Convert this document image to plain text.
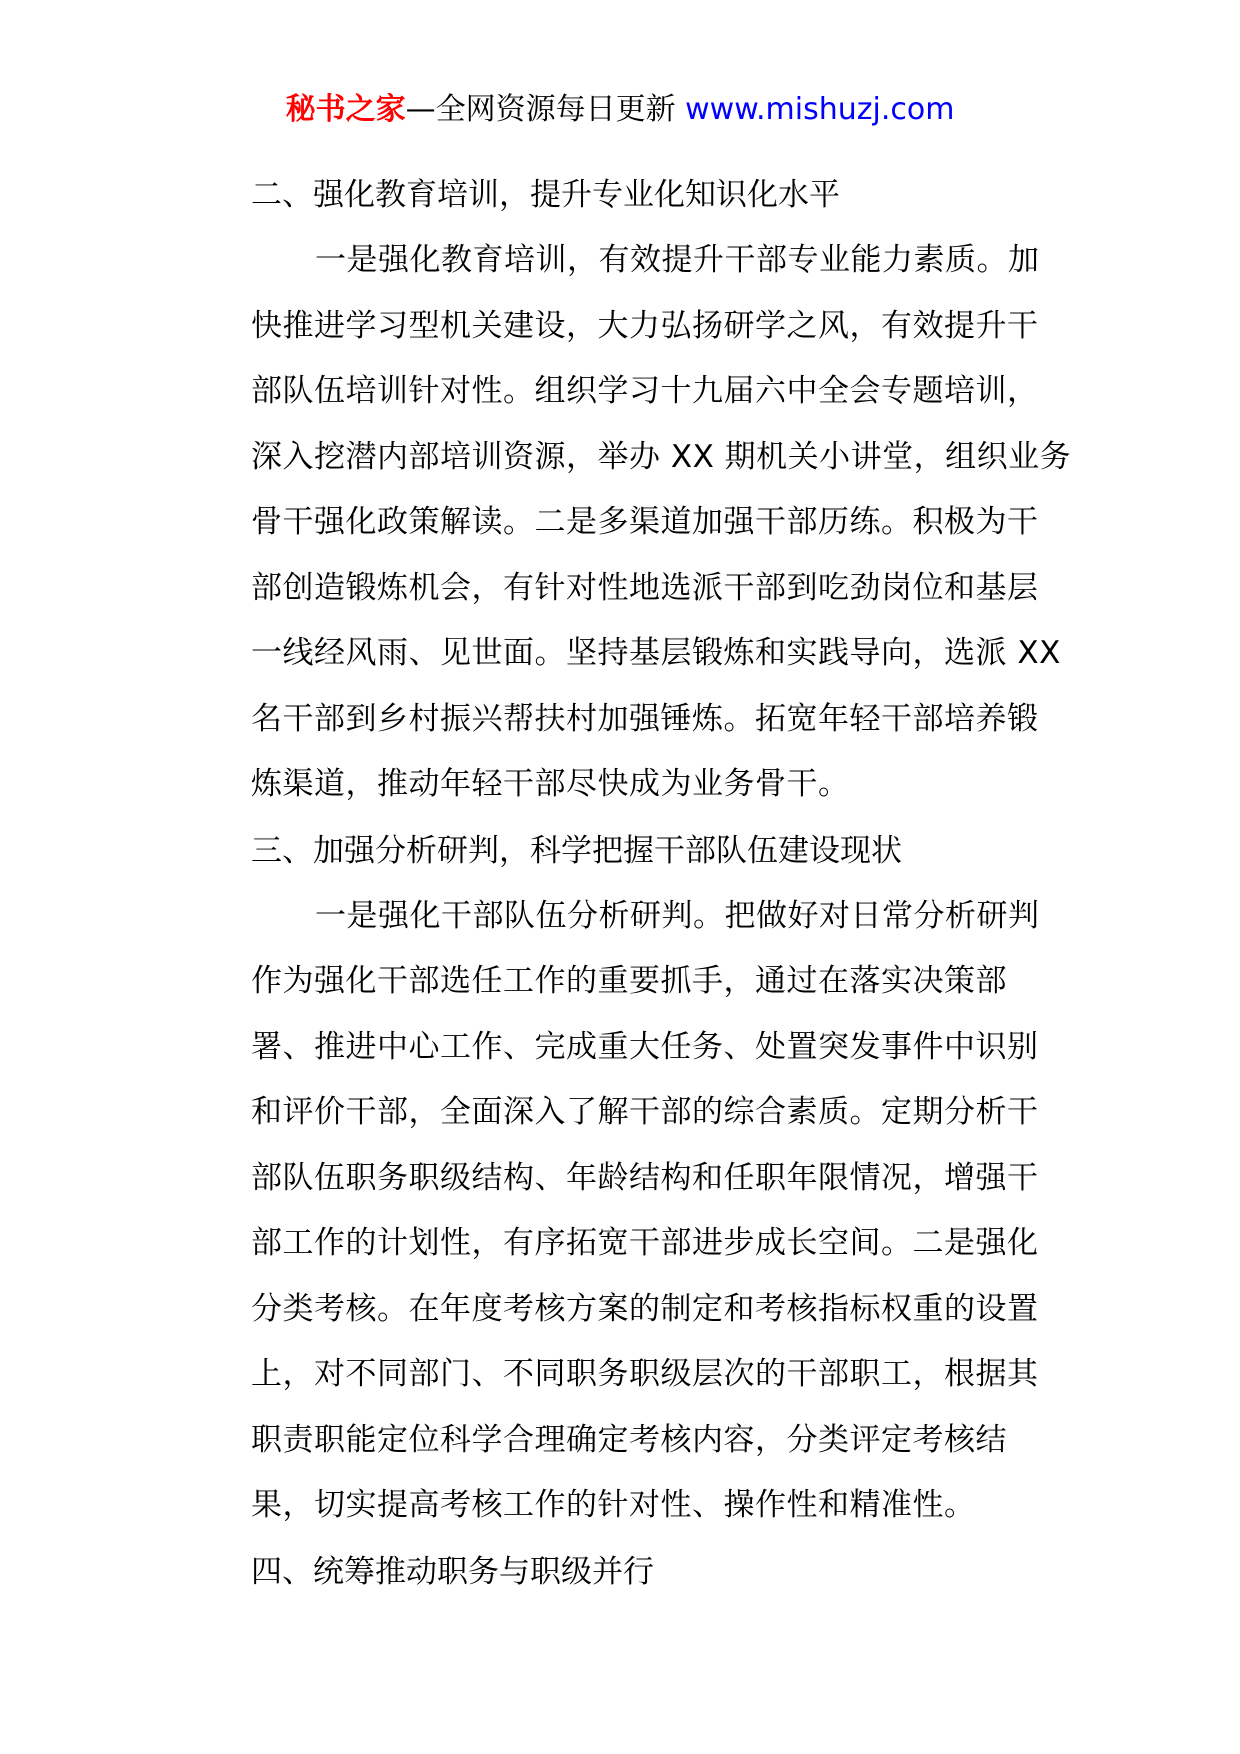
秘书之家—全网资源每日更新 www.mishuzj.com
二、强化教育培训，提升专业化知识化水平
一是强化教育培训，有效提升干部专业能力素质。加
快推进学习型机关建设，大力弘扬研学之风，有效提升干
部队伍培训针对性。组织学习十九届六中全会专题培训，
深入挖潜内部培训资源，举办 XX 期机关小讲堂，组织业务
骨干强化政策解读。二是多渠道加强干部历练。积极为干
部创造锻炼机会，有针对性地选派干部到吃劲岗位和基层
一线经风雨、见世面。坚持基层锻炼和实践导向，选派 XX
名干部到乡村振兴帮扶村加强锤炼。拓宽年轻干部培养锻
炼渠道，推动年轻干部尽快成为业务骨干。
三、加强分析研判，科学把握干部队伍建设现状
一是强化干部队伍分析研判。把做好对日常分析研判
作为强化干部选任工作的重要抓手，通过在落实决策部
署、推进中心工作、完成重大任务、处置突发事件中识别
和评价干部，全面深入了解干部的综合素质。定期分析干
部队伍职务职级结构、年龄结构和任职年限情况，增强干
部工作的计划性，有序拓宽干部进步成长空间。二是强化
分类考核。在年度考核方案的制定和考核指标权重的设置
上，对不同部门、不同职务职级层次的干部职工，根据其
职责职能定位科学合理确定考核内容，分类评定考核结
果，切实提高考核工作的针对性、操作性和精准性。
四、统筹推动职务与职级并行
